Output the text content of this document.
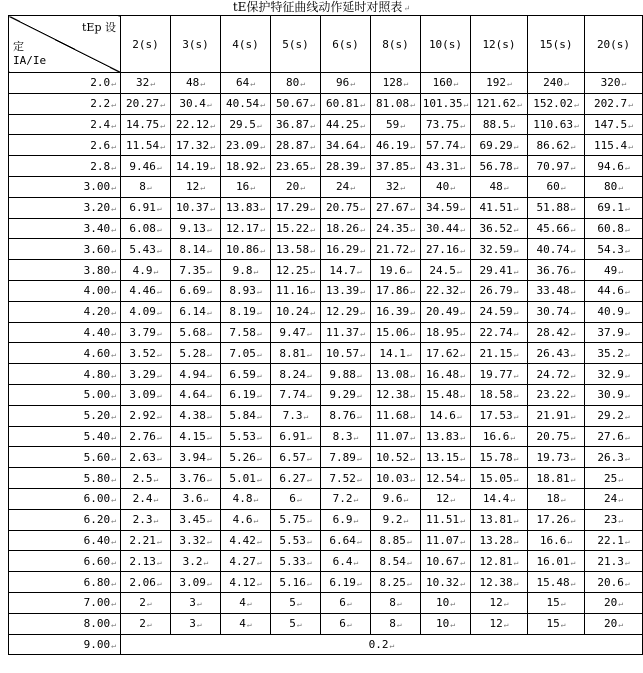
tE保护特征曲线动作延时对照表↵
tEp 设
定
IA/Ie	2(s)	3(s)	4(s)	5(s)	6(s)	8(s)	10(s)	12(s)	15(s)	20(s)
2.0↵	32↵	48↵	64↵	80↵	96↵	128↵	160↵	192↵	240↵	320↵
2.2↵	20.27↵	30.4↵	40.54↵	50.67↵	60.81↵	81.08↵	101.35↵	121.62↵	152.02↵	202.7↵
2.4↵	14.75↵	22.12↵	29.5↵	36.87↵	44.25↵	59↵	73.75↵	88.5↵	110.63↵	147.5↵
2.6↵	11.54↵	17.32↵	23.09↵	28.87↵	34.64↵	46.19↵	57.74↵	69.29↵	86.62↵	115.4↵
2.8↵	9.46↵	14.19↵	18.92↵	23.65↵	28.39↵	37.85↵	43.31↵	56.78↵	70.97↵	94.6↵
3.00↵	8↵	12↵	16↵	20↵	24↵	32↵	40↵	48↵	60↵	80↵
3.20↵	6.91↵	10.37↵	13.83↵	17.29↵	20.75↵	27.67↵	34.59↵	41.51↵	51.88↵	69.1↵
3.40↵	6.08↵	9.13↵	12.17↵	15.22↵	18.26↵	24.35↵	30.44↵	36.52↵	45.66↵	60.8↵
3.60↵	5.43↵	8.14↵	10.86↵	13.58↵	16.29↵	21.72↵	27.16↵	32.59↵	40.74↵	54.3↵
3.80↵	4.9↵	7.35↵	9.8↵	12.25↵	14.7↵	19.6↵	24.5↵	29.41↵	36.76↵	49↵
4.00↵	4.46↵	6.69↵	8.93↵	11.16↵	13.39↵	17.86↵	22.32↵	26.79↵	33.48↵	44.6↵
4.20↵	4.09↵	6.14↵	8.19↵	10.24↵	12.29↵	16.39↵	20.49↵	24.59↵	30.74↵	40.9↵
4.40↵	3.79↵	5.68↵	7.58↵	9.47↵	11.37↵	15.06↵	18.95↵	22.74↵	28.42↵	37.9↵
4.60↵	3.52↵	5.28↵	7.05↵	8.81↵	10.57↵	14.1↵	17.62↵	21.15↵	26.43↵	35.2↵
4.80↵	3.29↵	4.94↵	6.59↵	8.24↵	9.88↵	13.08↵	16.48↵	19.77↵	24.72↵	32.9↵
5.00↵	3.09↵	4.64↵	6.19↵	7.74↵	9.29↵	12.38↵	15.48↵	18.58↵	23.22↵	30.9↵
5.20↵	2.92↵	4.38↵	5.84↵	7.3↵	8.76↵	11.68↵	14.6↵	17.53↵	21.91↵	29.2↵
5.40↵	2.76↵	4.15↵	5.53↵	6.91↵	8.3↵	11.07↵	13.83↵	16.6↵	20.75↵	27.6↵
5.60↵	2.63↵	3.94↵	5.26↵	6.57↵	7.89↵	10.52↵	13.15↵	15.78↵	19.73↵	26.3↵
5.80↵	2.5↵	3.76↵	5.01↵	6.27↵	7.52↵	10.03↵	12.54↵	15.05↵	18.81↵	25↵
6.00↵	2.4↵	3.6↵	4.8↵	6↵	7.2↵	9.6↵	12↵	14.4↵	18↵	24↵
6.20↵	2.3↵	3.45↵	4.6↵	5.75↵	6.9↵	9.2↵	11.51↵	13.81↵	17.26↵	23↵
6.40↵	2.21↵	3.32↵	4.42↵	5.53↵	6.64↵	8.85↵	11.07↵	13.28↵	16.6↵	22.1↵
6.60↵	2.13↵	3.2↵	4.27↵	5.33↵	6.4↵	8.54↵	10.67↵	12.81↵	16.01↵	21.3↵
6.80↵	2.06↵	3.09↵	4.12↵	5.16↵	6.19↵	8.25↵	10.32↵	12.38↵	15.48↵	20.6↵
7.00↵	2↵	3↵	4↵	5↵	6↵	8↵	10↵	12↵	15↵	20↵
8.00↵	2↵	3↵	4↵	5↵	6↵	8↵	10↵	12↵	15↵	20↵
9.00↵	0.2↵									
